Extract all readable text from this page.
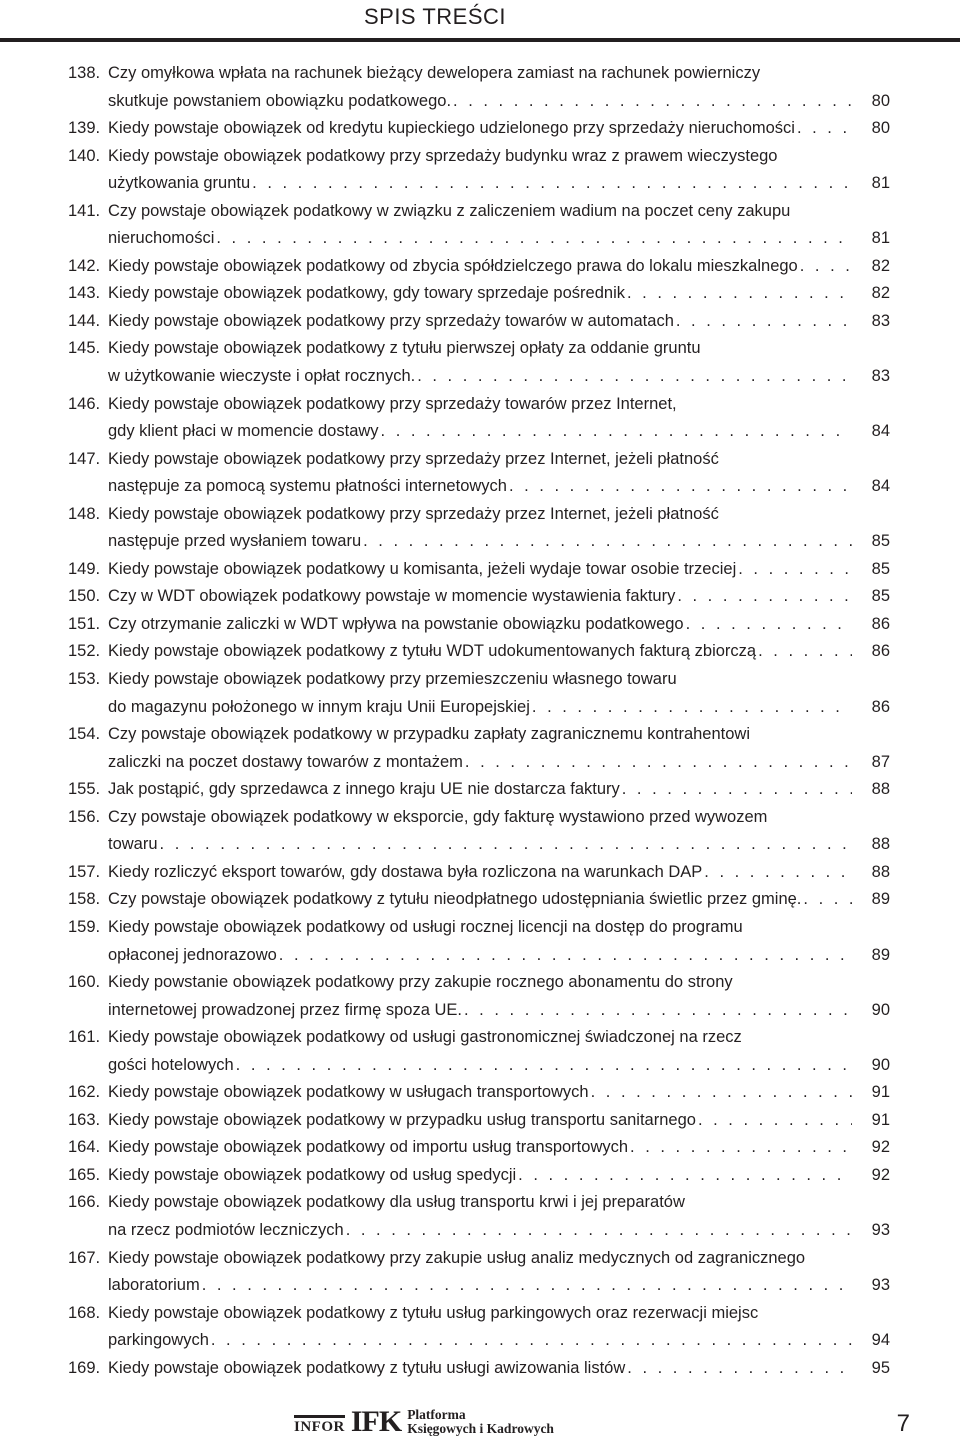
SPIS TREŚCI
138. Czy omyłkowa wpłata na rachunek bieżący dewelopera zamiast na rachunek powierniczy
skutkuje powstaniem obowiązku podatkowego. . . .	80
139. Kiedy powstaje obowiązek od kredytu kupieckiego udzielonego przy sprzedaży nieruchomości . . .	80
140. Kiedy powstaje obowiązek podatkowy przy sprzedaży budynku wraz z prawem wieczystego
użytkowania gruntu . . .	81
141. Czy powstaje obowiązek podatkowy w związku z zaliczeniem wadium na poczet ceny zakupu
nieruchomości . . .	81
142. Kiedy powstaje obowiązek podatkowy od zbycia spółdzielczego prawa do lokalu mieszkalnego . . .	82
143. Kiedy powstaje obowiązek podatkowy, gdy towary sprzedaje pośrednik . . .	82
144. Kiedy powstaje obowiązek podatkowy przy sprzedaży towarów w automatach . . .	83
145. Kiedy powstaje obowiązek podatkowy z tytułu pierwszej opłaty za oddanie gruntu
w użytkowanie wieczyste i opłat rocznych. . . .	83
146. Kiedy powstaje obowiązek podatkowy przy sprzedaży towarów przez Internet,
gdy klient płaci w momencie dostawy . . .	84
147. Kiedy powstaje obowiązek podatkowy przy sprzedaży przez Internet, jeżeli płatność
następuje za pomocą systemu płatności internetowych . . .	84
148. Kiedy powstaje obowiązek podatkowy przy sprzedaży przez Internet, jeżeli płatność
następuje przed wysłaniem towaru . . .	85
149. Kiedy powstaje obowiązek podatkowy u komisanta, jeżeli wydaje towar osobie trzeciej . . .	85
150. Czy w WDT obowiązek podatkowy powstaje w momencie wystawienia faktury . . .	85
151. Czy otrzymanie zaliczki w WDT wpływa na powstanie obowiązku podatkowego . . .	86
152. Kiedy powstaje obowiązek podatkowy z tytułu WDT udokumentowanych fakturą zbiorczą . . .	86
153. Kiedy powstaje obowiązek podatkowy przy przemieszczeniu własnego towaru
do magazynu położonego w innym kraju Unii Europejskiej . . .	86
154. Czy powstaje obowiązek podatkowy w przypadku zapłaty zagranicznemu kontrahentowi
zaliczki na poczet dostawy towarów z montażem . . .	87
155. Jak postąpić, gdy sprzedawca z innego kraju UE nie dostarcza faktury . . .	88
156. Czy powstaje obowiązek podatkowy w eksporcie, gdy fakturę wystawiono przed wywozem
towaru . . .	88
157. Kiedy rozliczyć eksport towarów, gdy dostawa była rozliczona na warunkach DAP . . .	88
158. Czy powstaje obowiązek podatkowy z tytułu nieodpłatnego udostępniania świetlic przez gminę. . . .	89
159. Kiedy powstaje obowiązek podatkowy od usługi rocznej licencji na dostęp do programu
opłaconej jednorazowo . . .	89
160. Kiedy powstanie obowiązek podatkowy przy zakupie rocznego abonamentu do strony
internetowej prowadzonej przez firmę spoza UE. . . .	90
161. Kiedy powstaje obowiązek podatkowy od usługi gastronomicznej świadczonej na rzecz
gości hotelowych . . .	90
162. Kiedy powstaje obowiązek podatkowy w usługach transportowych . . .	91
163. Kiedy powstaje obowiązek podatkowy w przypadku usług transportu sanitarnego . . .	91
164. Kiedy powstaje obowiązek podatkowy od importu usług transportowych . . .	92
165. Kiedy powstaje obowiązek podatkowy od usług spedycji . . .	92
166. Kiedy powstaje obowiązek podatkowy dla usług transportu krwi i jej preparatów
na rzecz podmiotów leczniczych . . .	93
167. Kiedy powstaje obowiązek podatkowy przy zakupie usług analiz medycznych od zagranicznego
laboratorium . . .	93
168. Kiedy powstaje obowiązek podatkowy z tytułu usług parkingowych oraz rezerwacji miejsc
parkingowych . . .	94
169. Kiedy powstaje obowiązek podatkowy z tytułu usługi awizowania listów . . .	95
INFOR IFK Platforma
Księgowych i Kadrowych	7
